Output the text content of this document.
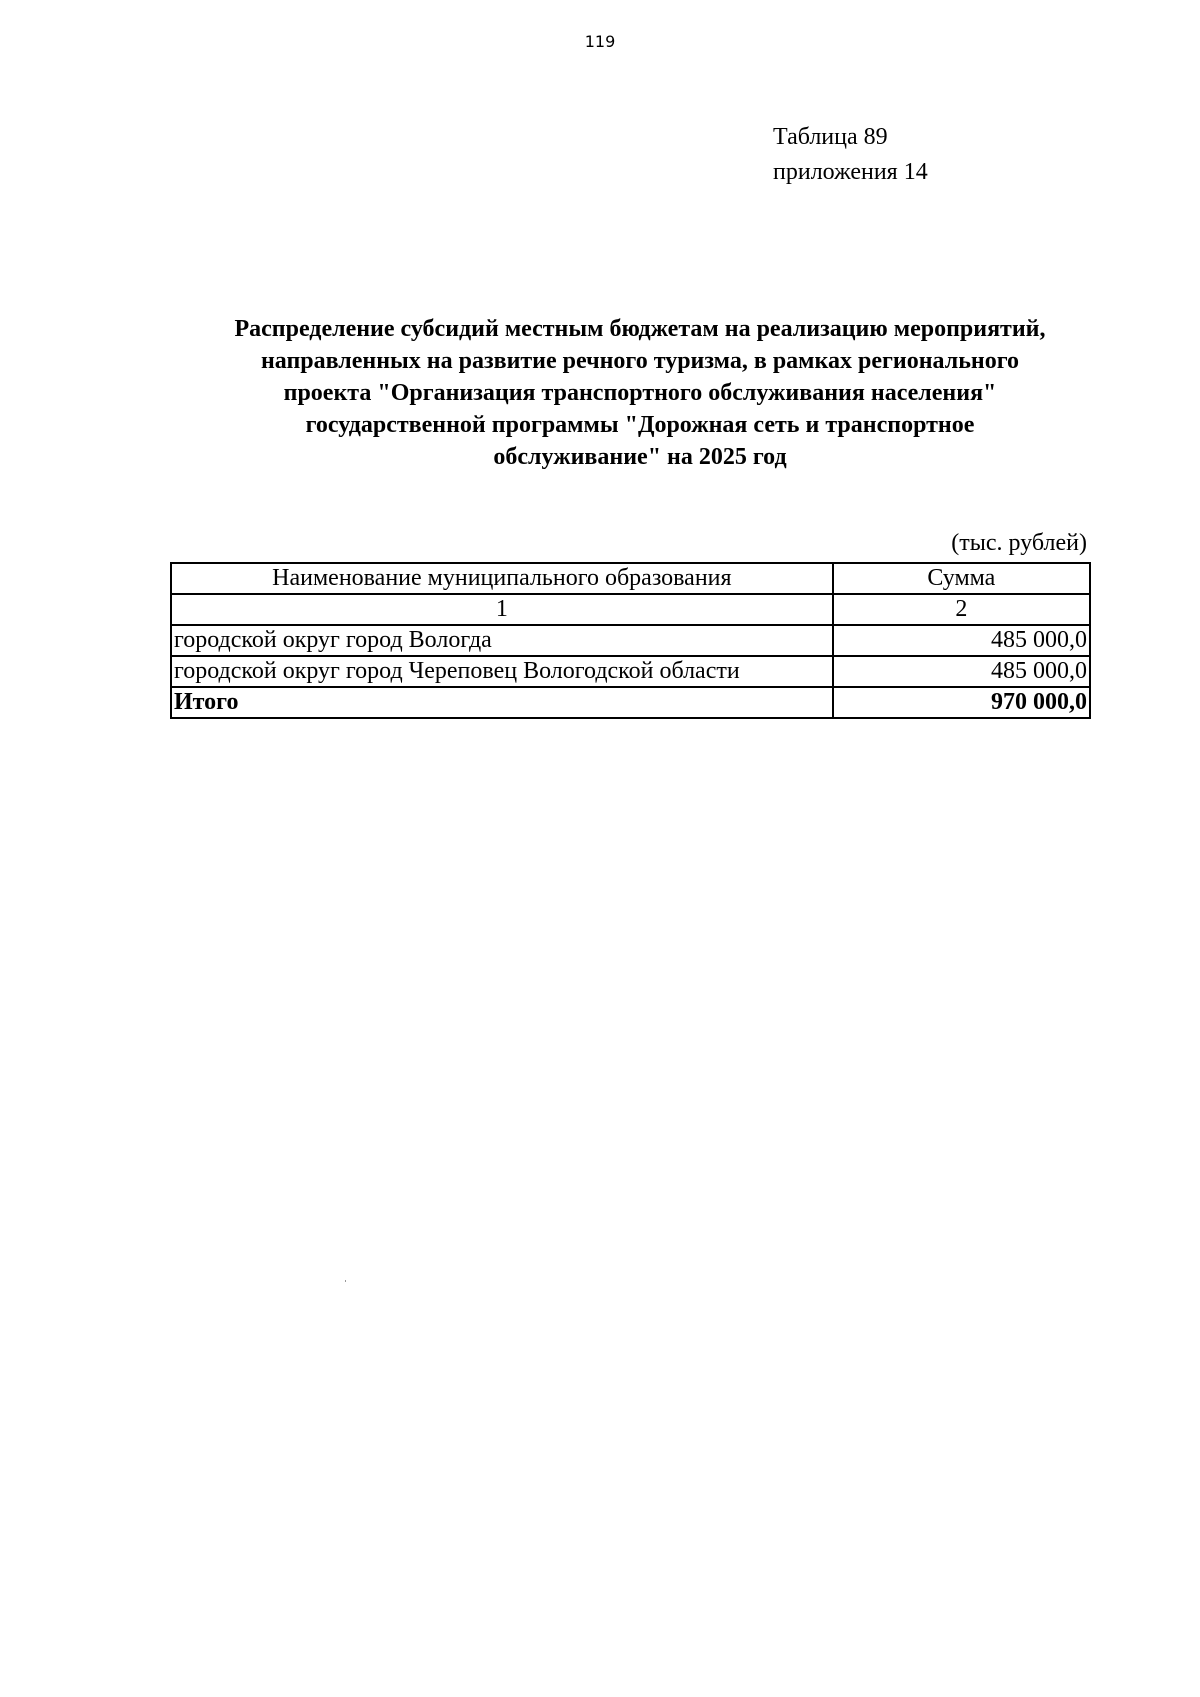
119
Таблица 89
приложения 14
Распределение субсидий местным бюджетам на реализацию мероприятий,
направленных на развитие речного туризма, в рамках регионального
проекта "Организация транспортного обслуживания населения"
государственной программы "Дорожная сеть и транспортное
обслуживание" на 2025 год
(тыс. рублей)
Наименование муниципального образования	Сумма
1	2
городской округ город Вологда	485 000,0
городской округ город Череповец Вологодской области	485 000,0
Итого	970 000,0
